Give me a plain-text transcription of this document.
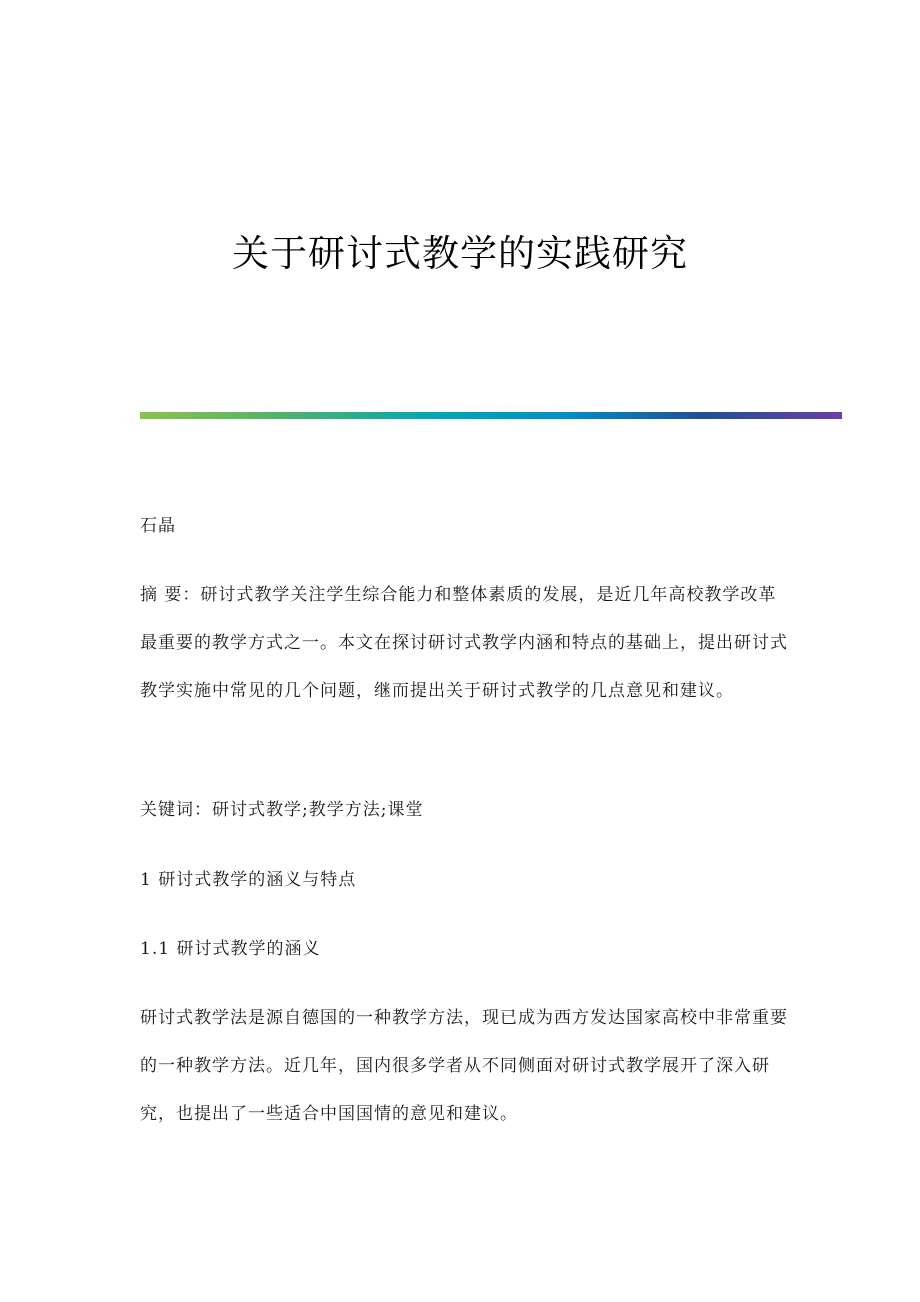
关于研讨式教学的实践研究

石晶

摘 要：研讨式教学关注学生综合能力和整体素质的发展，是近几年高校教学改革最重要的教学方式之一。本文在探讨研讨式教学内涵和特点的基础上，提出研讨式教学实施中常见的几个问题，继而提出关于研讨式教学的几点意见和建议。

关键词：研讨式教学;教学方法;课堂

1 研讨式教学的涵义与特点

1.1 研讨式教学的涵义

研讨式教学法是源自德国的一种教学方法，现已成为西方发达国家高校中非常重要的一种教学方法。近几年，国内很多学者从不同侧面对研讨式教学展开了深入研究，也提出了一些适合中国国情的意见和建议。
